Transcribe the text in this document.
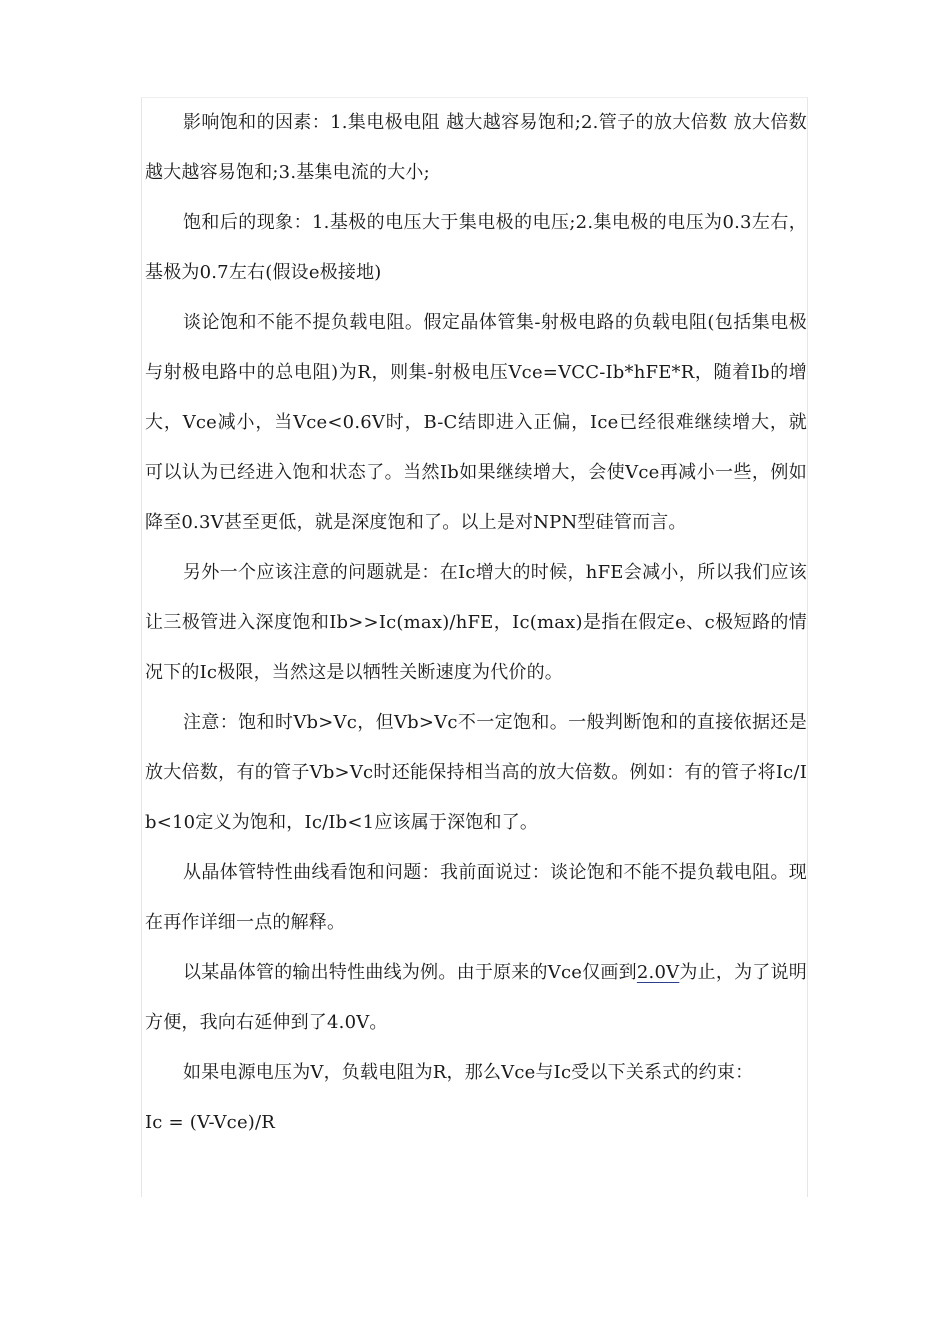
影响饱和的因素：1.集电极电阻 越大越容易饱和;2.管子的放大倍数 放大倍数越大越容易饱和;3.基集电流的大小;

饱和后的现象：1.基极的电压大于集电极的电压;2.集电极的电压为0.3左右，基极为0.7左右(假设e极接地)

谈论饱和不能不提负载电阻。假定晶体管集-射极电路的负载电阻(包括集电极与射极电路中的总电阻)为R，则集-射极电压Vce=VCC-Ib*hFE*R，随着Ib的增大，Vce减小，当Vce<0.6V时，B-C结即进入正偏，Ice已经很难继续增大，就可以认为已经进入饱和状态了。当然Ib如果继续增大，会使Vce再减小一些，例如降至0.3V甚至更低，就是深度饱和了。以上是对NPN型硅管而言。

另外一个应该注意的问题就是：在Ic增大的时候，hFE会减小，所以我们应该让三极管进入深度饱和Ib>>Ic(max)/hFE，Ic(max)是指在假定e、c极短路的情况下的Ic极限，当然这是以牺牲关断速度为代价的。

注意：饱和时Vb>Vc，但Vb>Vc不一定饱和。一般判断饱和的直接依据还是放大倍数，有的管子Vb>Vc时还能保持相当高的放大倍数。例如：有的管子将Ic/Ib<10定义为饱和，Ic/Ib<1应该属于深饱和了。

从晶体管特性曲线看饱和问题：我前面说过：谈论饱和不能不提负载电阻。现在再作详细一点的解释。

以某晶体管的输出特性曲线为例。由于原来的Vce仅画到2.0V为止，为了说明方便，我向右延伸到了4.0V。

如果电源电压为V，负载电阻为R，那么Vce与Ic受以下关系式的约束：

Ic = (V-Vce)/R
